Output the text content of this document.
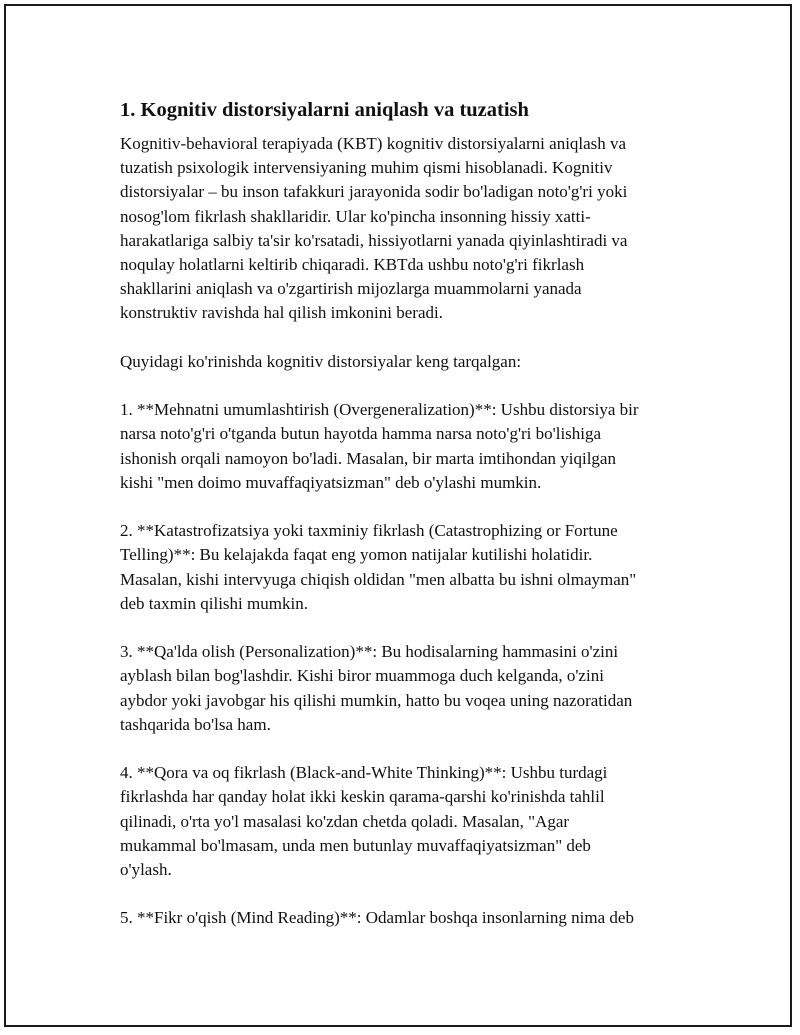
1. Kognitiv distorsiyalarni aniqlash va tuzatish

Kognitiv-behavioral terapiyada (KBT) kognitiv distorsiyalarni aniqlash va
tuzatish psixologik intervensiyaning muhim qismi hisoblanadi. Kognitiv
distorsiyalar – bu inson tafakkuri jarayonida sodir bo'ladigan noto'g'ri yoki
nosog'lom fikrlash shakllaridir. Ular ko'pincha insonning hissiy xatti-
harakatlariga salbiy ta'sir ko'rsatadi, hissiyotlarni yanada qiyinlashtiradi va
noqulay holatlarni keltirib chiqaradi. KBTda ushbu noto'g'ri fikrlash
shakllarini aniqlash va o'zgartirish mijozlarga muammolarni yanada
konstruktiv ravishda hal qilish imkonini beradi.

Quyidagi ko'rinishda kognitiv distorsiyalar keng tarqalgan:

1. **Mehnatni umumlashtirish (Overgeneralization)**: Ushbu distorsiya bir
narsa noto'g'ri o'tganda butun hayotda hamma narsa noto'g'ri bo'lishiga
ishonish orqali namoyon bo'ladi. Masalan, bir marta imtihondan yiqilgan
kishi "men doimo muvaffaqiyatsizman" deb o'ylashi mumkin.

2. **Katastrofizatsiya yoki taxminiy fikrlash (Catastrophizing or Fortune
Telling)**: Bu kelajakda faqat eng yomon natijalar kutilishi holatidir.
Masalan, kishi intervyuga chiqish oldidan "men albatta bu ishni olmayman"
deb taxmin qilishi mumkin.

3. **Qa'lda olish (Personalization)**: Bu hodisalarning hammasini o'zini
ayblash bilan bog'lashdir. Kishi biror muammoga duch kelganda, o'zini
aybdor yoki javobgar his qilishi mumkin, hatto bu voqea uning nazoratidan
tashqarida bo'lsa ham.

4. **Qora va oq fikrlash (Black-and-White Thinking)**: Ushbu turdagi
fikrlashda har qanday holat ikki keskin qarama-qarshi ko'rinishda tahlil
qilinadi, o'rta yo'l masalasi ko'zdan chetda qoladi. Masalan, "Agar
mukammal bo'lmasam, unda men butunlay muvaffaqiyatsizman" deb
o'ylash.

5. **Fikr o'qish (Mind Reading)**: Odamlar boshqa insonlarning nima deb
